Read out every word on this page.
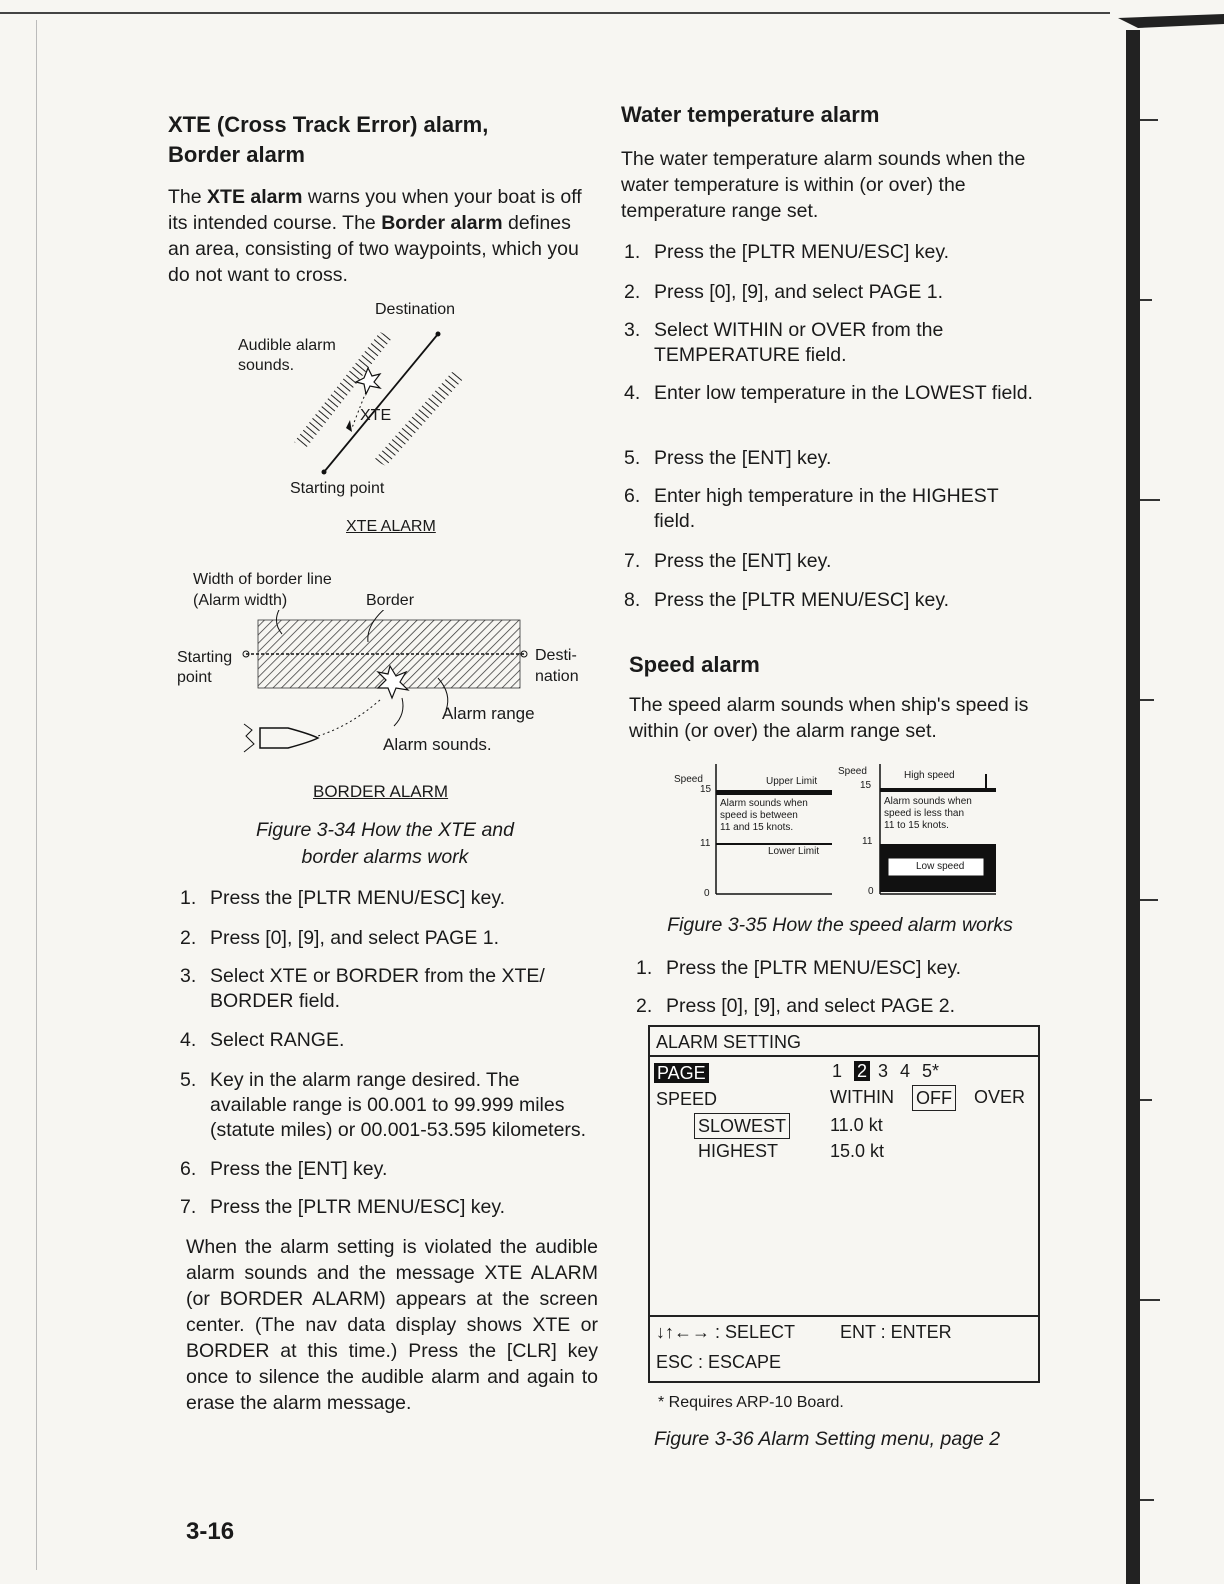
XTE (Cross Track Error) alarm,
Border alarm
The XTE alarm warns you when your boat is off its intended course. The Border alarm defines an area, consisting of two waypoints, which you do not want to cross.
Destination
Audible alarm
sounds.
XTE
Starting point
XTE ALARM
Width of border line
(Alarm width)	Border
Starting
point
Desti-
nation
Alarm range
Alarm sounds.
BORDER ALARM
Figure 3-34 How the XTE and
border alarms work
1. Press the [PLTR MENU/ESC] key.
2. Press [0], [9], and select PAGE 1.
3. Select XTE or BORDER from the XTE/ BORDER field.
4. Select RANGE.
5. Key in the alarm range desired. The available range is 00.001 to 99.999 miles (statute miles) or 00.001-53.595 kilometers.
6. Press the [ENT] key.
7. Press the [PLTR MENU/ESC] key.
When the alarm setting is violated the audible alarm sounds and the message XTE ALARM (or BORDER ALARM) appears at the screen center. (The nav data display shows XTE or BORDER at this time.) Press the [CLR] key once to silence the audible alarm and again to erase the alarm message.
3-16
Water temperature alarm
The water temperature alarm sounds when the water temperature is within (or over) the temperature range set.
1. Press the [PLTR MENU/ESC] key.
2. Press [0], [9], and select PAGE 1.
3. Select WITHIN or OVER from the TEMPERATURE field.
4. Enter low temperature in the LOWEST field.
5. Press the [ENT] key.
6. Enter high temperature in the HIGHEST field.
7. Press the [ENT] key.
8. Press the [PLTR MENU/ESC] key.
Speed alarm
The speed alarm sounds when ship's speed is within (or over) the alarm range set.
Speed
15
11
0
Upper Limit
Alarm sounds when
speed is between
11 and 15 knots.
Lower Limit
Speed
15
11
0
High speed
Alarm sounds when
speed is less than
11 to 15 knots.
Low speed
Figure 3-35 How the speed alarm works
1. Press the [PLTR MENU/ESC] key.
2. Press [0], [9], and select PAGE 2.
ALARM SETTING
PAGE	1 2 3 4 5*
SPEED	WITHIN OFF OVER
SLOWEST 11.0 kt
HIGHEST	15.0 kt
↓↑←→ : SELECT ENT : ENTER
ESC : ESCAPE
* Requires ARP-10 Board.
Figure 3-36 Alarm Setting menu, page 2
